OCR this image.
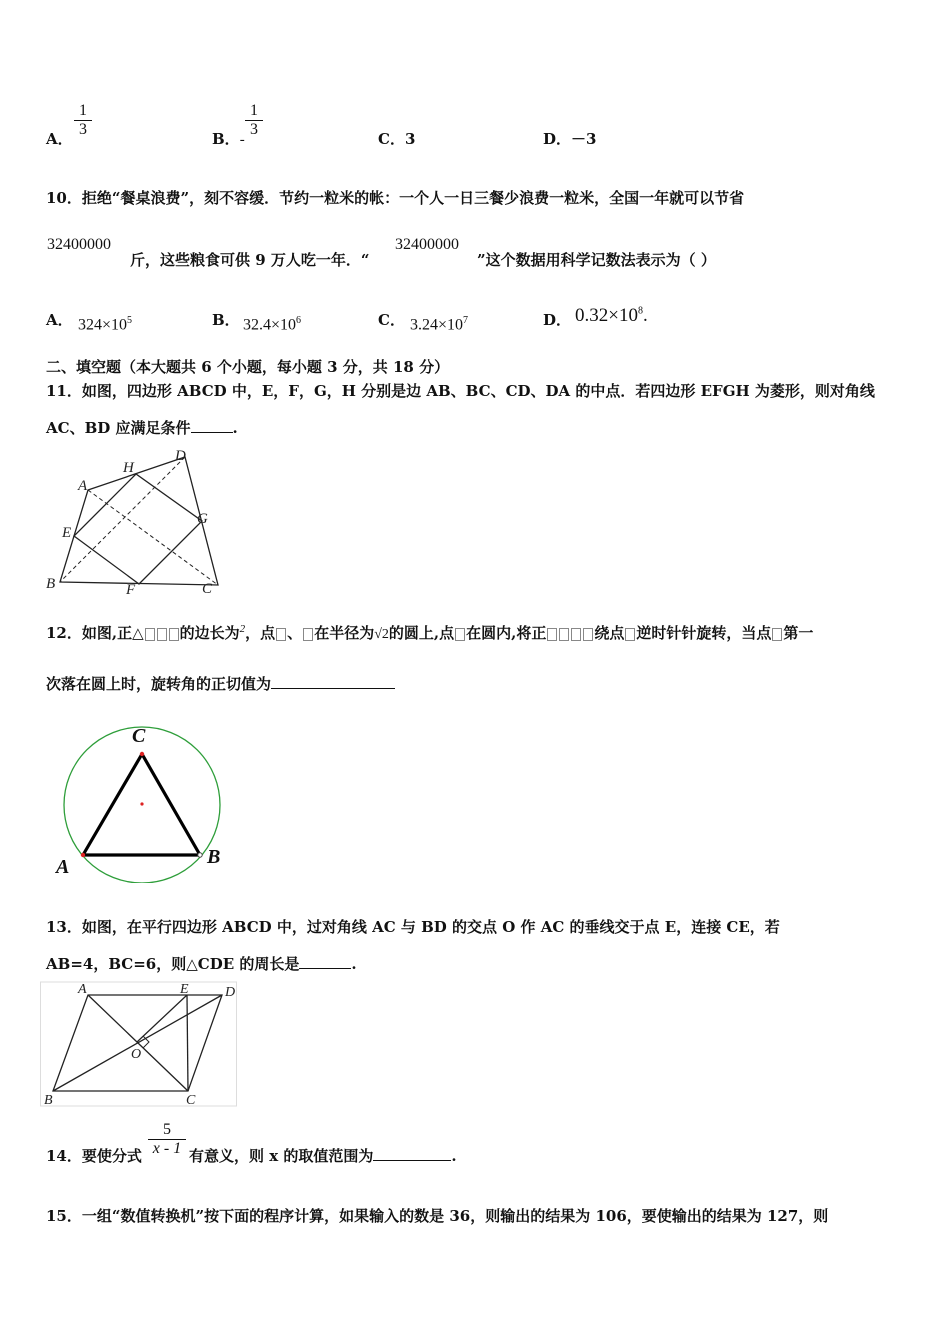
A．
1
3
B．-
1
3
C．3	D．－3
10．拒绝“餐桌浪费”，刻不容缓．节约一粒米的帐：一个人一日三餐少浪费一粒米，全国一年就可以节省
32400000
斤，这些粮食可供 9 万人吃一年．“
32400000
”这个数据用科学记数法表示为（ ）
A． $324\times 10^5$	B． $32.4\times 10^6$	C． $3.24\times 10^7$	D． $0.32\times 10^8$.
二、填空题（本大题共 6 个小题，每小题 3 分，共 18 分）
11．如图，四边形 ABCD 中，E，F，G，H 分别是边 AB、BC、CD、DA 的中点．若四边形 EFGH 为菱形，则对角线
AC、BD 应满足条件	.
A
B	C
D
E
F
G
H
12．如图,正△ 的边长为$^2$，点 、 在半径为√2的圆上,点 在圆内,将正	绕点 逆时针针旋转，当点 第一
次落在圆上时，旋转角的正切值为
C
A	B
13．如图，在平行四边形 ABCD 中，过对角线 AC 与 BD 的交点 O 作 AC 的垂线交于点 E，连接 CE，若
AB=4，BC=6，则△CDE 的周长是	.
A
B	C
D
E
O
14．要使分式
5
x - 1 有意义，则 x 的取值范围为	.
15．一组“数值转换机”按下面的程序计算，如果输入的数是 36，则输出的结果为 106，要使输出的结果为 127，则
